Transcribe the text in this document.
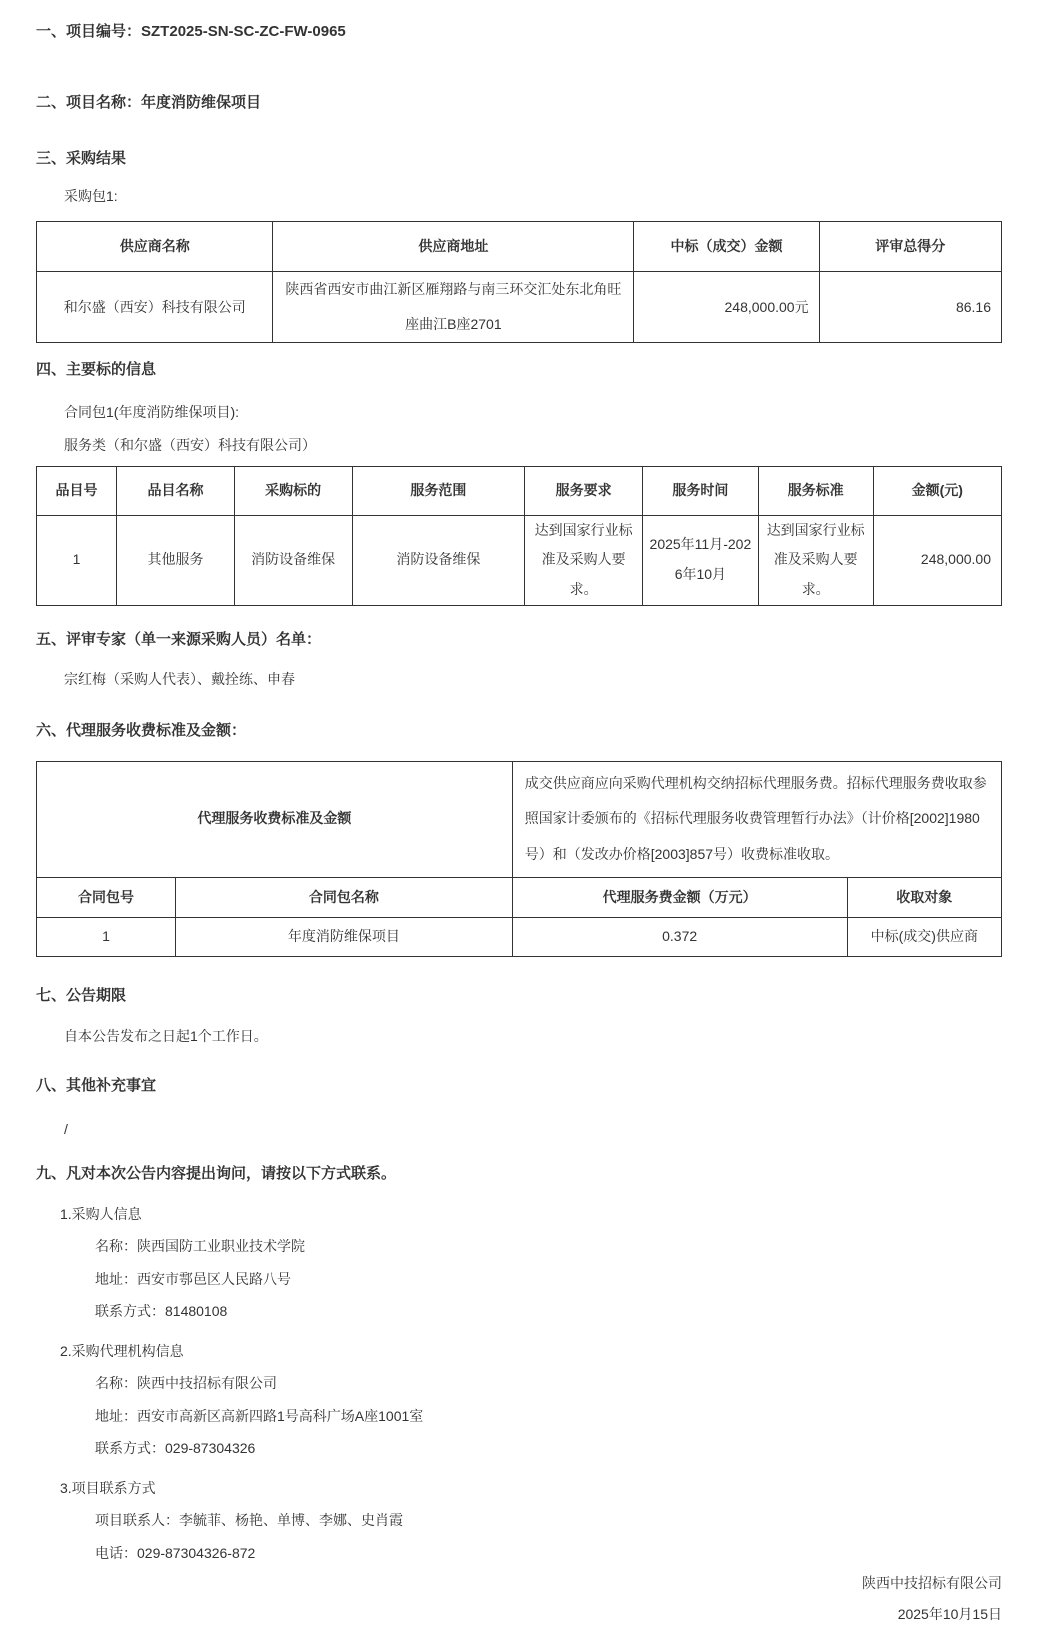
一、项目编号：SZT2025-SN-SC-ZC-FW-0965

二、项目名称：年度消防维保项目

三、采购结果

采购包1:

供应商名称	供应商地址	中标（成交）金额	评审总得分
和尔盛（西安）科技有限公司	陕西省西安市曲江新区雁翔路与南三环交汇处东北角旺座曲江B座2701	248,000.00元	86.16

四、主要标的信息

合同包1(年度消防维保项目):

服务类（和尔盛（西安）科技有限公司）

品目号	品目名称	采购标的	服务范围	服务要求	服务时间	服务标准	金额(元)
1	其他服务	消防设备维保	消防设备维保	达到国家行业标准及采购人要求。	2025年11月-2026年10月	达到国家行业标准及采购人要求。	248,000.00

五、评审专家（单一来源采购人员）名单：

宗红梅（采购人代表）、戴拴练、申春

六、代理服务收费标准及金额：

代理服务收费标准及金额		成交供应商应向采购代理机构交纳招标代理服务费。招标代理服务费收取参照国家计委颁布的《招标代理服务收费管理暂行办法》（计价格[2002]1980号）和（发改办价格[2003]857号）收费标准收取。	
合同包号	合同包名称	代理服务费金额（万元）	收取对象
1	年度消防维保项目	0.372	中标(成交)供应商

七、公告期限

自本公告发布之日起1个工作日。

八、其他补充事宜

/

九、凡对本次公告内容提出询问，请按以下方式联系。

1.采购人信息

名称：陕西国防工业职业技术学院

地址：西安市鄠邑区人民路八号

联系方式：81480108

2.采购代理机构信息

名称：陕西中技招标有限公司

地址：西安市高新区高新四路1号高科广场A座1001室

联系方式：029-87304326

3.项目联系方式

项目联系人：李毓菲、杨艳、单博、李娜、史肖霞

电话：029-87304326-872

陕西中技招标有限公司

2025年10月15日
